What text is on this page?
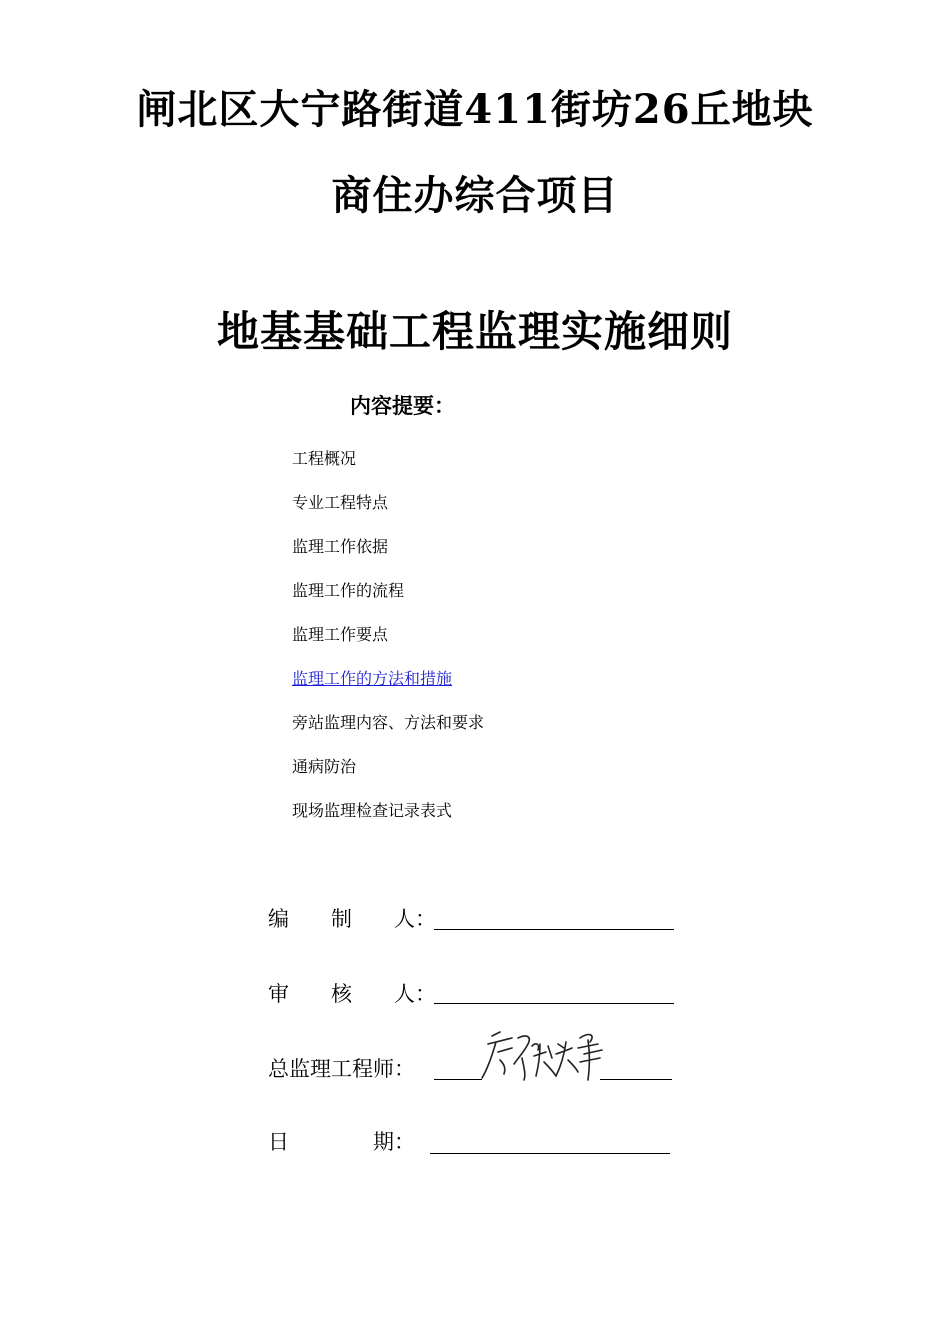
闸北区大宁路街道411街坊26丘地块
商住办综合项目
地基基础工程监理实施细则
内容提要：
工程概况
专业工程特点
监理工作依据
监理工作的流程
监理工作要点
监理工作的方法和措施
旁站监理内容、方法和要求
通病防治
现场监理检查记录表式
编　　制　　人：
审　　核　　人：
总监理工程师：
日　　　　期：
